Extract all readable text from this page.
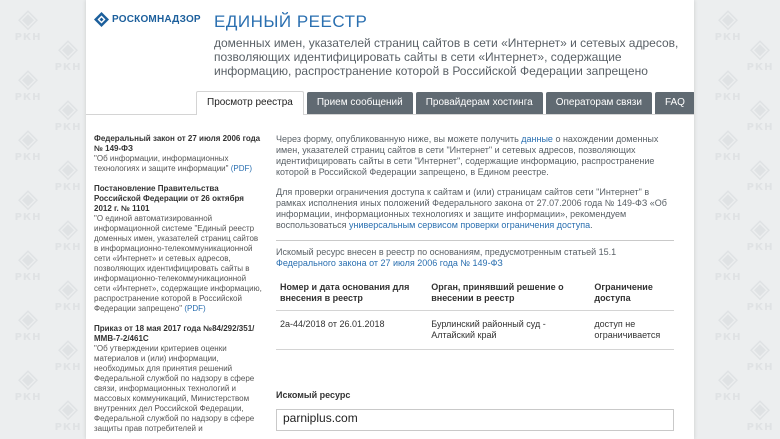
◈
РКН
◈
РКН
◈
РКН
◈
РКН
◈
РКН
◈
РКН
◈
РКН
◈
РКН
◈
РКН
◈
РКН
◈
РКН
◈
РКН
◈
РКН
◈
РКН
◈
РКН
◈
РКН
◈
РКН
◈
РКН
◈
РКН
◈
РКН
◈
РКН
◈
РКН
◈
РКН
◈
РКН
◈
РКН
◈
РКН
◈
РКН
◈
РКН
РОСКОМНАДЗОР ЕДИНЫЙ РЕЕСТР
доменных имен, указателей страниц сайтов в сети «Интернет» и сетевых адресов, позволяющих идентифицировать сайты в сети «Интернет», содержащие информацию, распространение которой в Российской Федерации запрещено
Просмотр реестра	Прием сообщений	Провайдерам хостинга	Операторам связи	FAQ
Федеральный закон от 27 июля 2006 года № 149-ФЗ
"Об информации, информационных технологиях и защите информации" (PDF)
Постановление Правительства Российской Федерации от 26 октября 2012 г. № 1101
"О единой автоматизированной информационной системе "Единый реестр доменных имен, указателей страниц сайтов в информационно-телекоммуникационной сети «Интернет» и сетевых адресов, позволяющих идентифицировать сайты в информационно-телекоммуникационной сети «Интернет», содержащие информацию, распространение которой в Российской Федерации запрещено" (PDF)
Приказ от 18 мая 2017 года №84/292/351/ММВ-7-2/461С
"Об утверждении критериев оценки материалов и (или) информации, необходимых для принятия решений Федеральной службой по надзору в сфере связи, информационных технологий и массовых коммуникаций, Министерством внутренних дел Российской Федерации, Федеральной службой по надзору в сфере защиты прав потребителей и

Через форму, опубликованную ниже, вы можете получить данные о нахождении доменных имен, указателей страниц сайтов в сети "Интернет" и сетевых адресов, позволяющих идентифицировать сайты в сети "Интернет", содержащие информацию, распространение которой в Российской Федерации запрещено, в Едином реестре.

Для проверки ограничения доступа к сайтам и (или) страницам сайтов сети "Интернет" в рамках исполнения иных положений Федерального закона от 27.07.2006 года № 149-ФЗ «Об информации, информационных технологиях и защите информации», рекомендуем воспользоваться универсальным сервисом проверки ограничения доступа.

Искомый ресурс внесен в реестр по основаниям, предусмотренным статьей 15.1
Федерального закона от 27 июля 2006 года № 149-ФЗ
Номер и дата основания для внесения в реестр	Орган, принявший решение о внесении в реестр	Ограничение доступа
2а-44/2018 от 26.01.2018	Бурлинский районный суд - Алтайский край	доступ не ограничивается
Искомый ресурс
parniplus.com
